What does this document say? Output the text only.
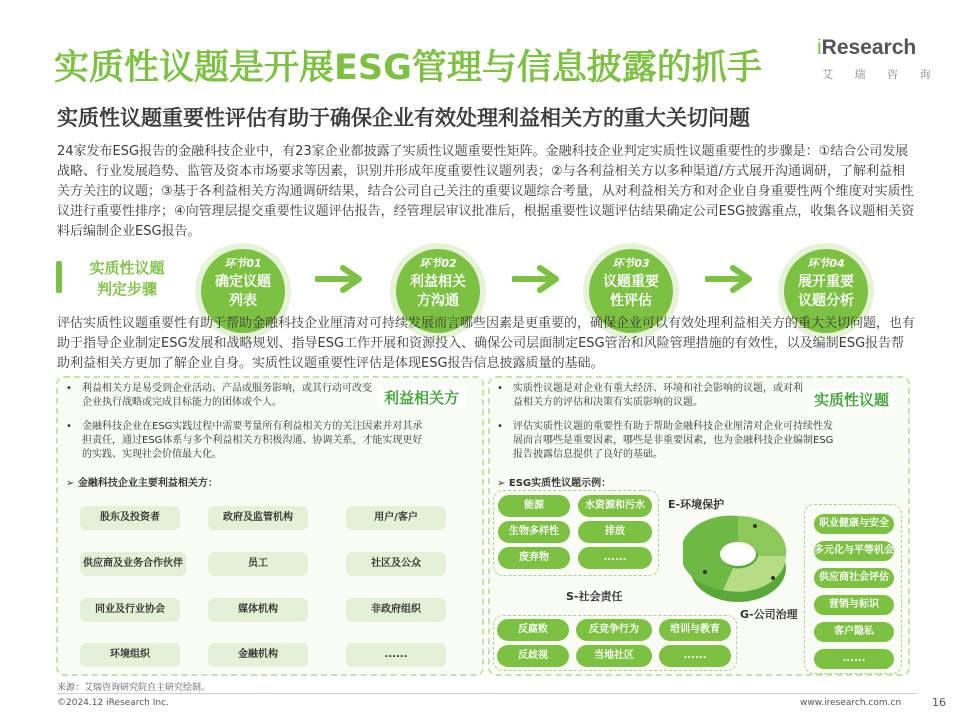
实质性议题是开展ESG管理与信息披露的抓手
iResearch
艾 瑞 咨 询
实质性议题重要性评估有助于确保企业有效处理利益相关方的重大关切问题
24家发布ESG报告的金融科技企业中，有23家企业都披露了实质性议题重要性矩阵。金融科技企业判定实质性议题重要性的步骤是：①结合公司发展战略、行业发展趋势、监管及资本市场要求等因素，识别并形成年度重要性议题列表；②与各利益相关方以多种渠道/方式展开沟通调研，了解利益相关方关注的议题；③基于各利益相关方沟通调研结果，结合公司自己关注的重要议题综合考量，从对利益相关方和对企业自身重要性两个维度对实质性议进行重要性排序；④向管理层提交重要性议题评估报告，经管理层审议批准后，根据重要性议题评估结果确定公司ESG披露重点，收集各议题相关资料后编制企业ESG报告。
实质性议题
判定步骤
环节01
确定议题
列表
环节02
利益相关
方沟通
环节03
议题重要
性评估
环节04
展开重要
议题分析
评估实质性议题重要性有助于帮助金融科技企业厘清对可持续发展而言哪些因素是更重要的，确保企业可以有效处理利益相关方的重大关切问题，也有助于指导企业制定ESG发展和战略规划、指导ESG工作开展和资源投入、确保公司层面制定ESG管治和风险管理措施的有效性，以及编制ESG报告帮助利益相关方更加了解企业自身。实质性议题重要性评估是体现ESG报告信息披露质量的基础。
利益相关方
• 利益相关方是易受到企业活动、产品或服务影响，或其行动可改变企业执行战略或完成目标能力的团体或个人。
• 金融科技企业在ESG实践过程中需要考量所有利益相关方的关注因素并对其承担责任，通过ESG体系与多个利益相关方积极沟通、协调关系，才能实现更好的实践、实现社会价值最大化。
➢ 金融科技企业主要利益相关方：
股东及投资者	政府及监管机构	用户/客户
供应商及业务合作伙伴	员工	社区及公众
同业及行业协会	媒体机构	非政府组织
环境组织	金融机构	......
实质性议题
• 实质性议题是对企业有重大经济、环境和社会影响的议题，或对利益相关方的评估和决策有实质影响的议题。
• 评估实质性议题的重要性有助于帮助金融科技企业厘清对企业可持续性发展而言哪些是重要因素，哪些是非重要因素，也为金融科技企业编制ESG报告披露信息提供了良好的基础。
➢ ESG实质性议题示例：
能源	水资源和污水
生物多样性	排放
废弃物	......
E-环境保护
S-社会责任
反腐败	反竞争行为	培训与教育
反歧视	当地社区	......
G-公司治理
职业健康与安全
多元化与平等机会
供应商社会评估
营销与标识
客户隐私
......
来源：艾瑞咨询研究院自主研究绘制。
©2024.12 iResearch Inc.	www.iresearch.com.cn	16
